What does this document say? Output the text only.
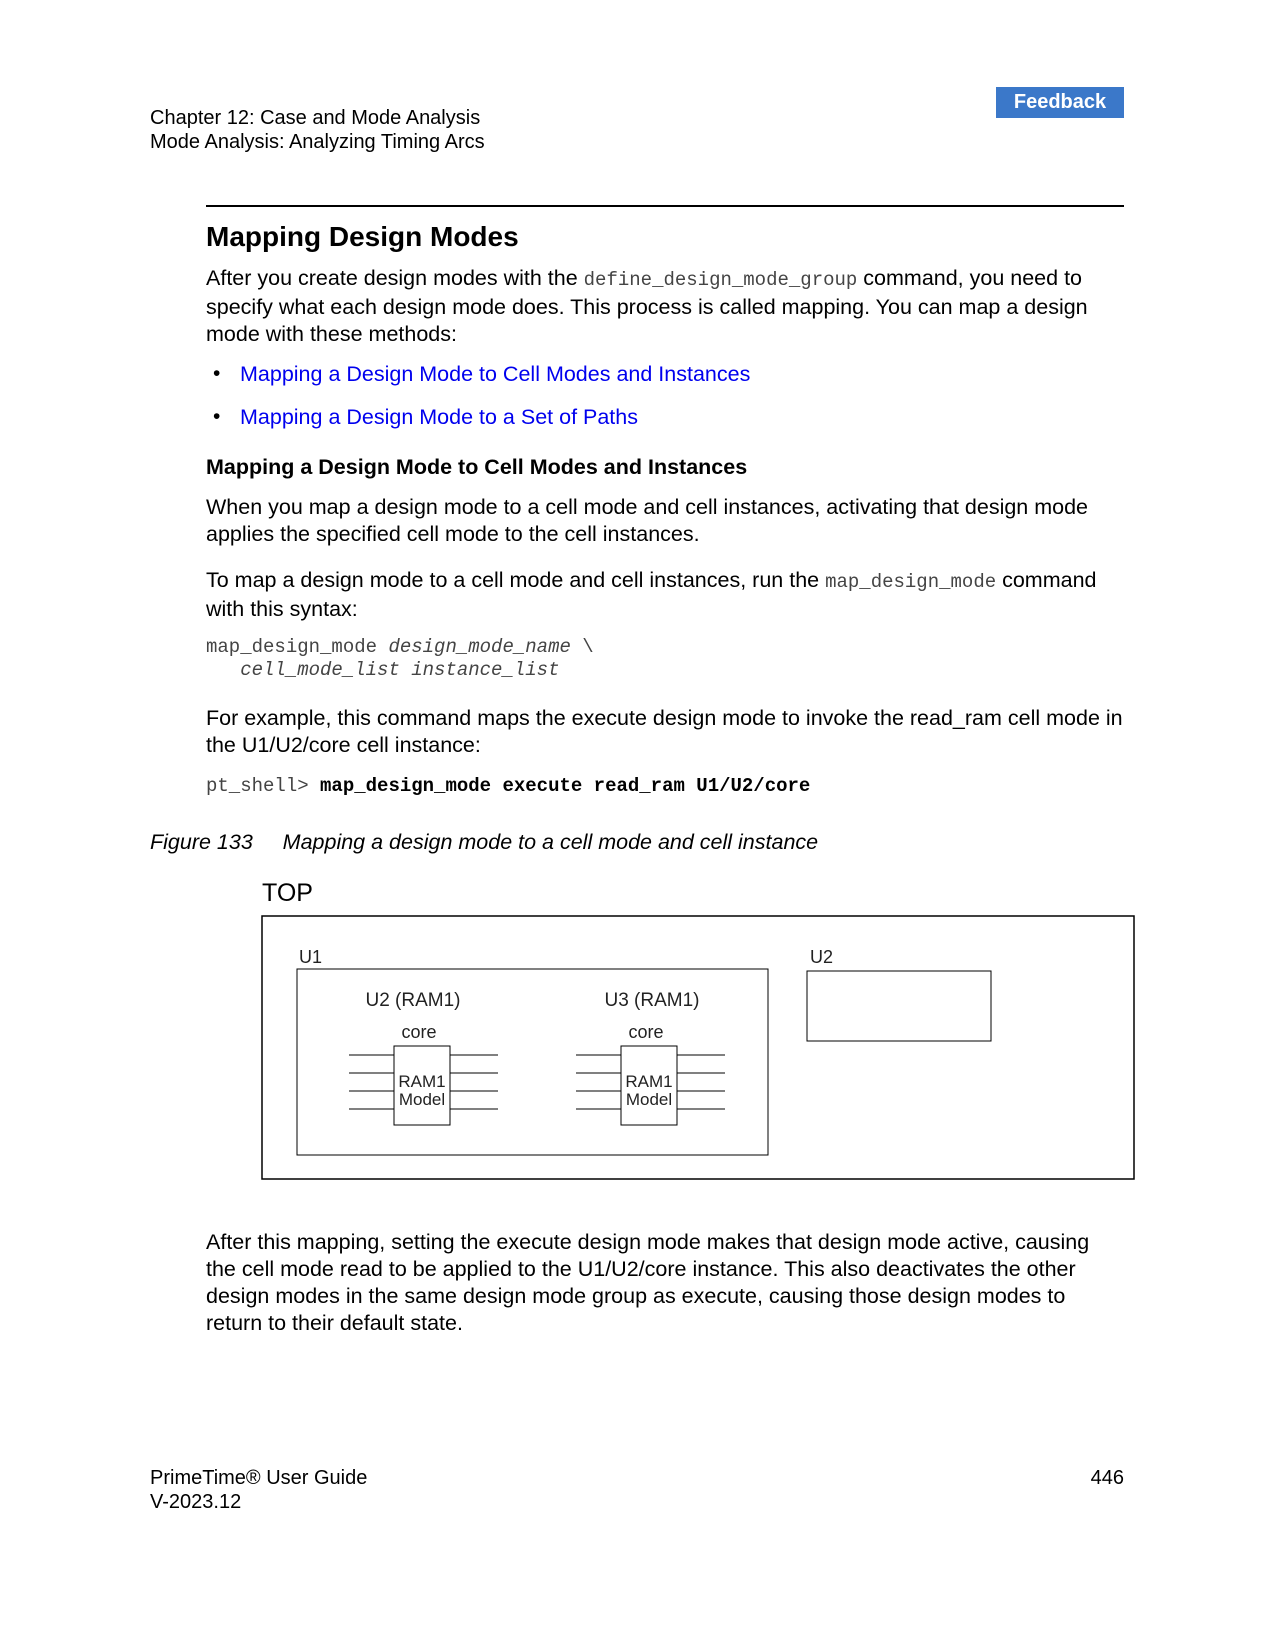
Chapter 12: Case and Mode Analysis
Mode Analysis: Analyzing Timing Arcs
Feedback
Mapping Design Modes
After you create design modes with the define_design_mode_group command, you need to specify what each design mode does. This process is called mapping. You can map a design mode with these methods:
• Mapping a Design Mode to Cell Modes and Instances
• Mapping a Design Mode to a Set of Paths
Mapping a Design Mode to Cell Modes and Instances
When you map a design mode to a cell mode and cell instances, activating that design mode applies the specified cell mode to the cell instances.
To map a design mode to a cell mode and cell instances, run the map_design_mode command with this syntax:
map_design_mode design_mode_name \
cell_mode_list instance_list
For example, this command maps the execute design mode to invoke the read_ram cell mode in the U1/U2/core cell instance:
pt_shell> map_design_mode execute read_ram U1/U2/core
Figure 133 Mapping a design mode to a cell mode and cell instance
TOP
U1	U2
U2 (RAM1)
core
RAM1
Model
U3 (RAM1)
core
RAM1
Model
After this mapping, setting the execute design mode makes that design mode active, causing the cell mode read to be applied to the U1/U2/core instance. This also deactivates the other design modes in the same design mode group as execute, causing those design modes to return to their default state.
PrimeTime® User Guide
V-2023.12
446
